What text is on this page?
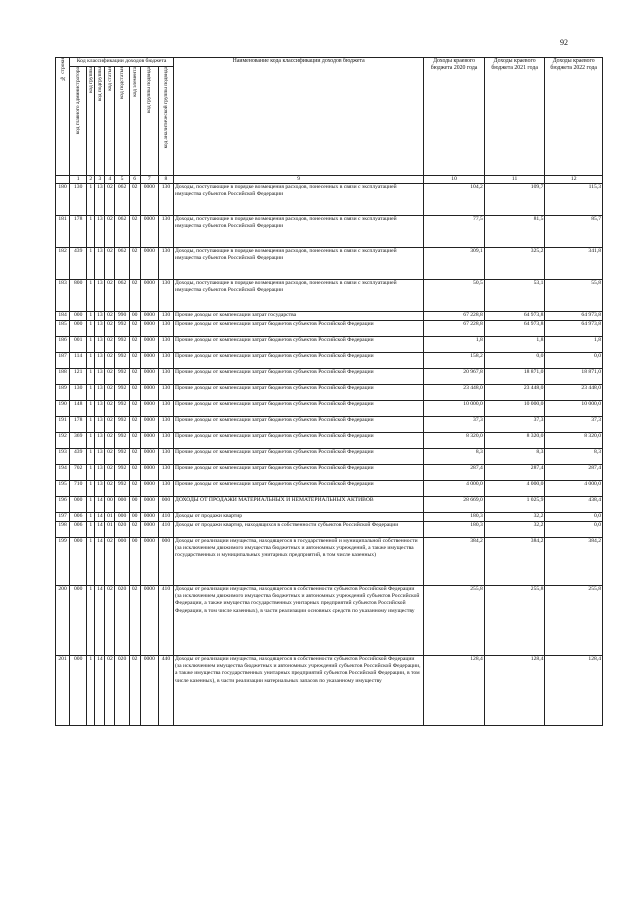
92
№ строки	Код классификации доходов бюджета								Наименование кода классификации доходов бюджета	Доходы краевого бюджета 2020 года	Доходы краевого бюджета 2021 года	Доходы краевого бюджета 2022 года

	код главного администратора	код группы	код подгруппы	код статьи	код подстатьи	код элемента	код группы подвида	код аналитической группы подвида				

	1	2	3	4	5	6	7	8	9	10	11	12
180	130	1	13	02	062	02	0000	130	Доходы, поступающие в порядке возмещения расходов, понесенных в связи с эксплуатацией имущества субъектов Российской Федерации	104,2	109,7	115,3
181	178	1	13	02	062	02	0000	130	Доходы, поступающие в порядке возмещения расходов, понесенных в связи с эксплуатацией имущества субъектов Российской Федерации	77,5	81,5	85,7
182	439	1	13	02	062	02	0000	130	Доходы, поступающие в порядке возмещения расходов, понесенных в связи с эксплуатацией имущества субъектов Российской Федерации	309,1	325,2	341,8
183	800	1	13	02	062	02	0000	130	Доходы, поступающие в порядке возмещения расходов, понесенных в связи с эксплуатацией имущества субъектов Российской Федерации	50,5	53,1	55,8
184	000	1	13	02	990	00	0000	130	Прочие доходы от компенсации затрат государства	67 228,8	64 973,8	64 973,8
185	000	1	13	02	992	02	0000	130	Прочие доходы от компенсации затрат бюджетов субъектов Российской Федерации	67 228,8	64 973,8	64 973,8
186	001	1	13	02	992	02	0000	130	Прочие доходы от компенсации затрат бюджетов субъектов Российской Федерации	1,8	1,8	1,8
187	114	1	13	02	992	02	0000	130	Прочие доходы от компенсации затрат бюджетов субъектов Российской Федерации	158,2	0,0	0,0
188	121	1	13	02	992	02	0000	130	Прочие доходы от компенсации затрат бюджетов субъектов Российской Федерации	20 967,8	18 871,0	18 871,0
189	130	1	13	02	992	02	0000	130	Прочие доходы от компенсации затрат бюджетов субъектов Российской Федерации	23 448,0	23 448,0	23 448,0
190	148	1	13	02	992	02	0000	130	Прочие доходы от компенсации затрат бюджетов субъектов Российской Федерации	10 000,0	10 000,0	10 000,0
191	178	1	13	02	992	02	0000	130	Прочие доходы от компенсации затрат бюджетов субъектов Российской Федерации	37,3	37,3	37,3
192	369	1	13	02	992	02	0000	130	Прочие доходы от компенсации затрат бюджетов субъектов Российской Федерации	8 320,0	8 320,0	8 320,0
193	439	1	13	02	992	02	0000	130	Прочие доходы от компенсации затрат бюджетов субъектов Российской Федерации	8,3	8,3	8,3
194	702	1	13	02	992	02	0000	130	Прочие доходы от компенсации затрат бюджетов субъектов Российской Федерации	287,4	287,4	287,4
195	710	1	13	02	992	02	0000	130	Прочие доходы от компенсации затрат бюджетов субъектов Российской Федерации	4 000,0	4 000,0	4 000,0
196	000	1	14	00	000	00	0000	000	ДОХОДЫ ОТ ПРОДАЖИ МАТЕРИАЛЬНЫХ И НЕМАТЕРИАЛЬНЫХ АКТИВОВ	28 669,0	1 025,9	438,4
197	006	1	14	01	000	00	0000	410	Доходы от продажи квартир	180,3	32,2	0,0
198	006	1	14	01	020	02	0000	410	Доходы от продажи квартир, находящихся в собственности субъектов Российской Федерации	180,3	32,2	0,0
199	000	1	14	02	000	00	0000	000	Доходы от реализации имущества, находящегося в государственной и муниципальной собственности (за исключением движимого имущества бюджетных и автономных учреждений, а также имущества государственных и муниципальных унитарных предприятий, в том числе казенных)	384,2	384,2	384,2
200	000	1	14	02	020	02	0000	410	Доходы от реализации имущества, находящегося в собственности субъектов Российской Федерации (за исключением движимого имущества бюджетных и автономных учреждений субъектов Российской Федерации, а также имущества государственных унитарных предприятий субъектов Российской Федерации, в том числе казенных), в части реализации основных средств по указанному имуществу	255,8	255,8	255,8
201	000	1	14	02	020	02	0000	440	Доходы от реализации имущества, находящегося в собственности субъектов Российской Федерации (за исключением имущества бюджетных и автономных учреждений субъектов Российской Федерации, а также имущества государственных унитарных предприятий субъектов Российской Федерации, в том числе казенных), в части реализации материальных запасов по указанному имуществу	128,4	128,4	128,4
